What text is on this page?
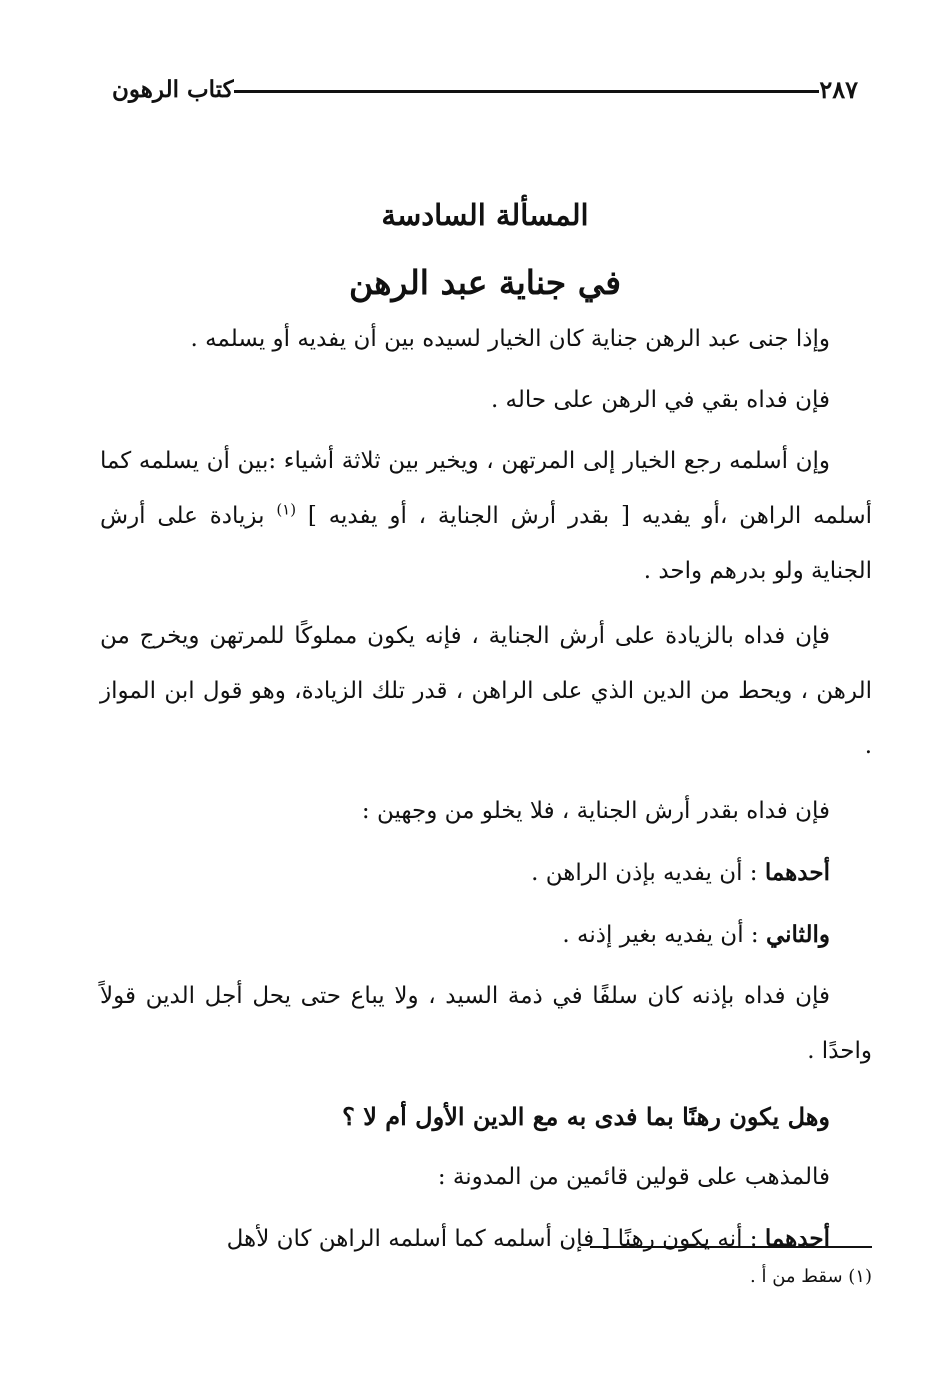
كتاب الرهون	٢٨٧
المسألة السادسة
في جناية عبد الرهن

وإذا جنى عبد الرهن جناية كان الخيار لسيده بين أن يفديه أو يسلمه .

فإن فداه بقي في الرهن على حاله .

وإن أسلمه رجع الخيار إلى المرتهن ، ويخير بين ثلاثة أشياء :بين أن يسلمه كما أسلمه الراهن ،أو يفديه [ بقدر أرش الجناية ، أو يفديه ] $^{(١)}$ بزيادة على أرش الجناية ولو بدرهم واحد .

فإن فداه بالزيادة على أرش الجناية ، فإنه يكون مملوكًا للمرتهن ويخرج من الرهن ، ويحط من الدين الذي على الراهن ، قدر تلك الزيادة، وهو قول ابن المواز .

فإن فداه بقدر أرش الجناية ، فلا يخلو من وجهين :

أحدهما : أن يفديه بإذن الراهن .

والثاني : أن يفديه بغير إذنه .

فإن فداه بإذنه كان سلفًا في ذمة السيد ، ولا يباع حتى يحل أجل الدين قولاً واحدًا .

وهل يكون رهنًا بما فدى به مع الدين الأول أم لا ؟

فالمذهب على قولين قائمين من المدونة :

أحدهما : أنه يكون رهنًا [ فإن أسلمه كما أسلمه الراهن كان لأهل

(١) سقط من أ .
